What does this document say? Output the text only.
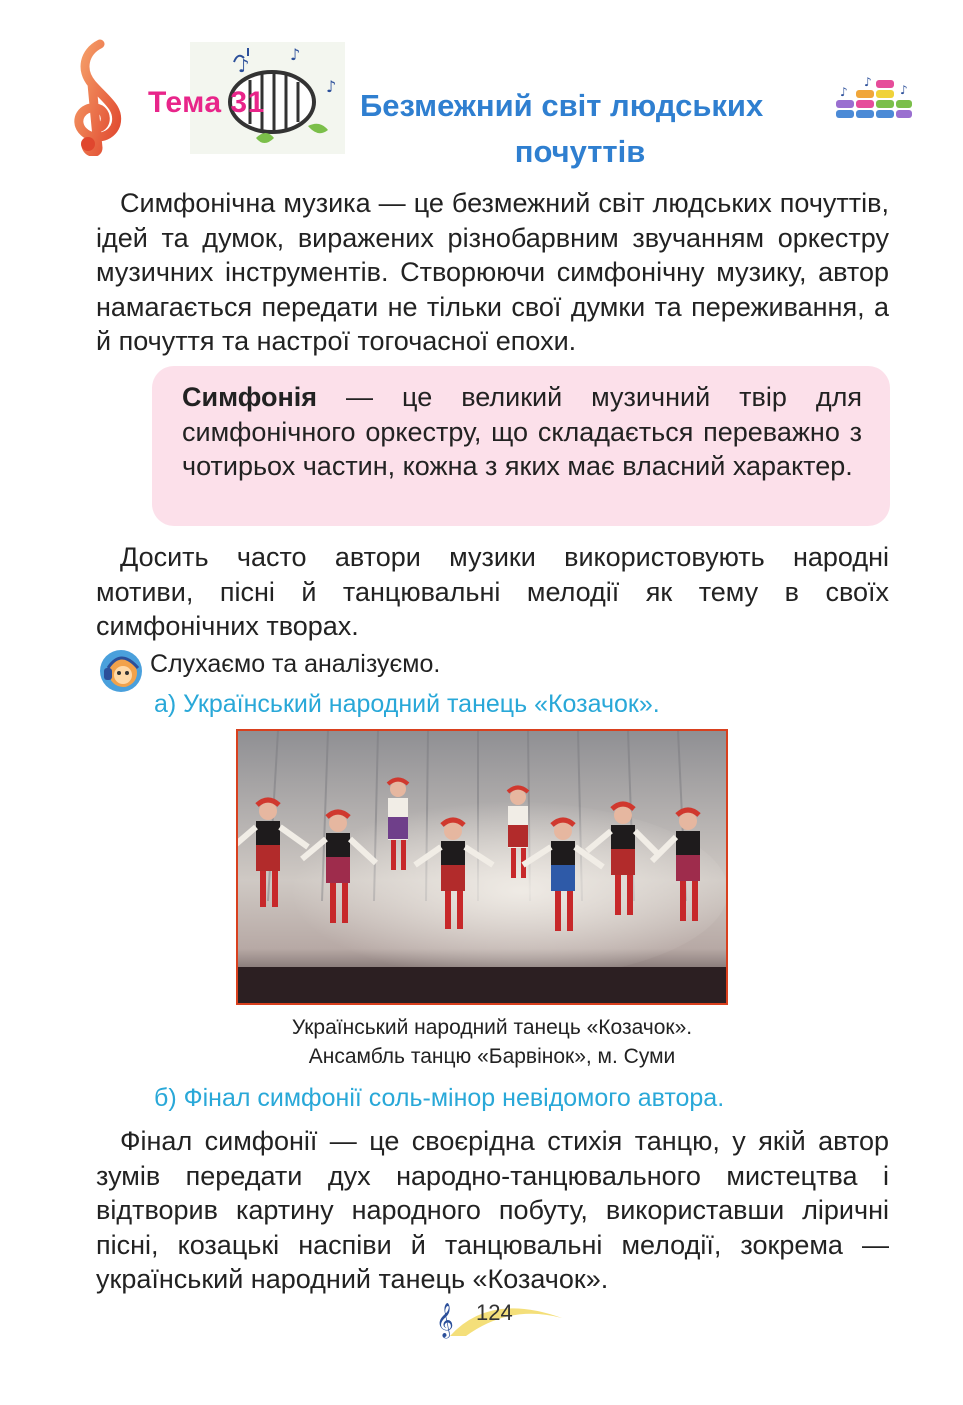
♪
♪
♪
Тема 31	Безмежний світ людських
почуттів
♪
♪
♪
Симфонічна музика — це безмежний світ людських почуттів, ідей та думок, виражених різнобарвним звучанням оркестру музичних інструментів. Створюючи симфонічну музику, автор намагається передати не тільки свої думки та переживання, а й почуття та настрої тогочасної епохи.
Симфонія — це великий музичний твір для симфонічного оркестру, що складається переважно з чотирьох частин, кожна з яких має власний характер.
Досить часто автори музики використовують народні мотиви, пісні й танцювальні мелодії як тему в своїх симфонічних творах.
Слухаємо та аналізуємо.
а) Український народний танець «Козачок».
Український народний танець «Козачок».
Ансамбль танцю «Барвінок», м. Суми
б) Фінал симфонії соль-мінор невідомого автора.
Фінал симфонії — це своєрідна стихія танцю, у якій автор зумів передати дух народно-танцювального мистецтва і відтворив картину народного побуту, використавши ліричні пісні, козацькі наспіви й танцювальні мелодії, зокрема — український народний танець «Козачок».
𝄞 124
